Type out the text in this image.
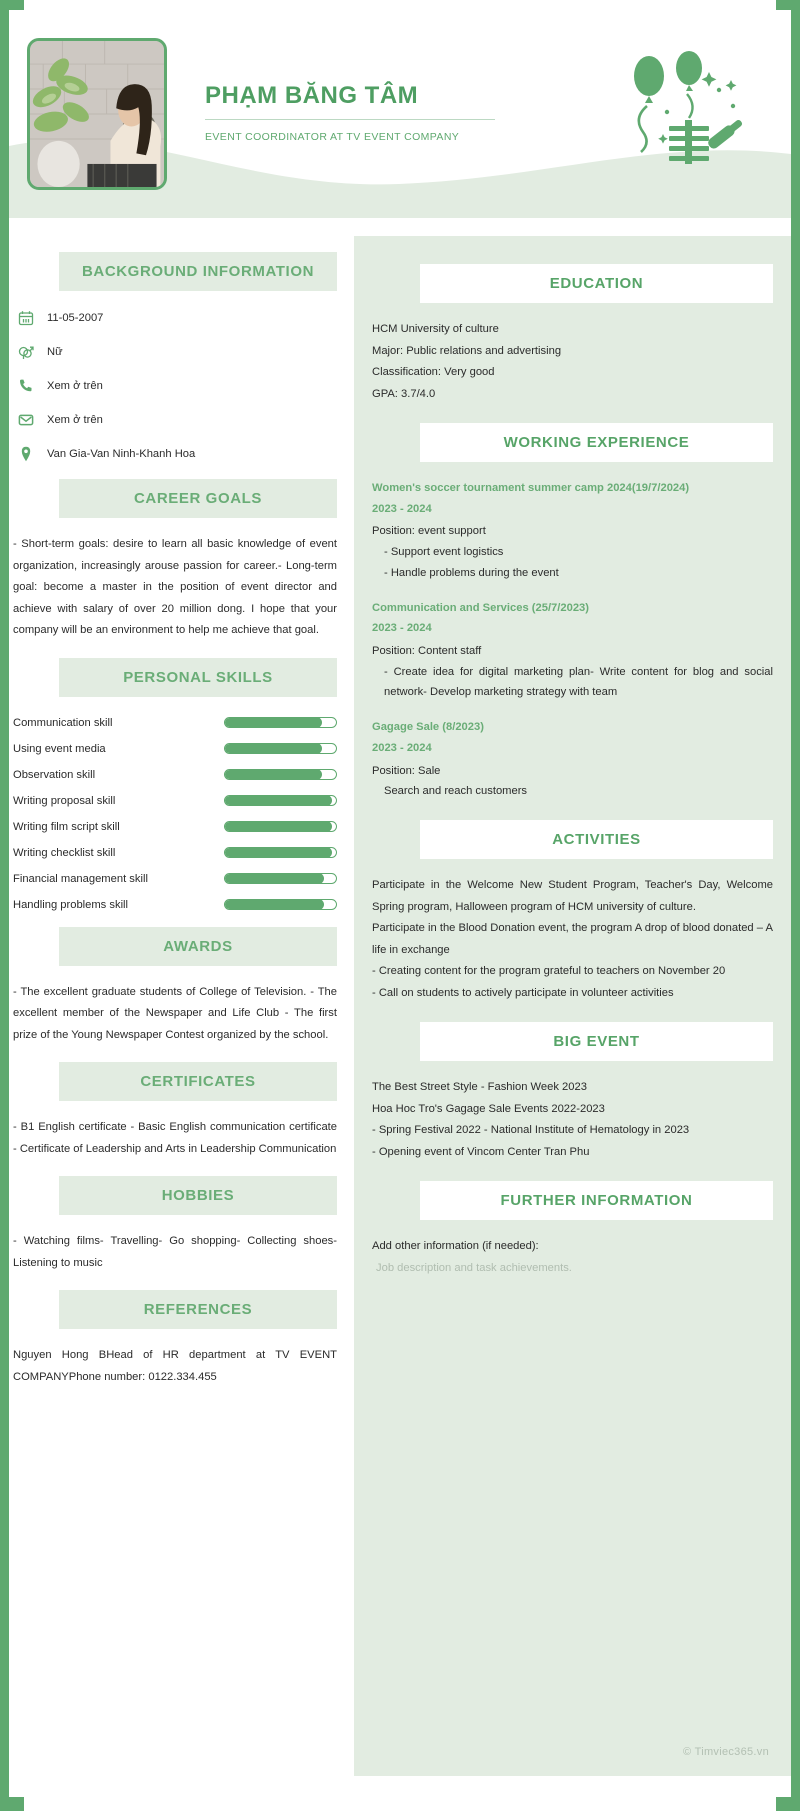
PHẠM BĂNG TÂM
EVENT COORDINATOR AT TV EVENT COMPANY
BACKGROUND INFORMATION
11-05-2007
Nữ
Xem ở trên
Xem ở trên
Van Gia-Van Ninh-Khanh Hoa
CAREER GOALS
- Short-term goals: desire to learn all basic knowledge of event organization, increasingly arouse passion for career.- Long-term goal: become a master in the position of event director and achieve with salary of over 20 million dong. I hope that your company will be an environment to help me achieve that goal.
PERSONAL SKILLS
Communication skill
Using event media
Observation skill
Writing proposal skill
Writing film script skill
Writing checklist skill
Financial management skill
Handling problems skill
AWARDS
- The excellent graduate students of College of Television. - The excellent member of the Newspaper and Life Club - The first prize of the Young Newspaper Contest organized by the school.
CERTIFICATES
- B1 English certificate - Basic English communication certificate - Certificate of Leadership and Arts in Leadership Communication
HOBBIES
- Watching films- Travelling- Go shopping- Collecting shoes- Listening to music
REFERENCES
Nguyen Hong BHead of HR department at TV EVENT COMPANYPhone number: 0122.334.455
EDUCATION
HCM University of culture
Major: Public relations and advertising
Classification: Very good
GPA: 3.7/4.0
WORKING EXPERIENCE
Women's soccer tournament summer camp 2024(19/7/2024)
2023 - 2024
Position: event support
- Support event logistics
- Handle problems during the event
Communication and Services (25/7/2023)
2023 - 2024
Position: Content staff
- Create idea for digital marketing plan- Write content for blog and social network- Develop marketing strategy with team
Gagage Sale (8/2023)
2023 - 2024
Position: Sale
Search and reach customers
ACTIVITIES
Participate in the Welcome New Student Program, Teacher's Day, Welcome Spring program, Halloween program of HCM university of culture.
Participate in the Blood Donation event, the program A drop of blood donated – A life in exchange
- Creating content for the program grateful to teachers on November 20
- Call on students to actively participate in volunteer activities
BIG EVENT
The Best Street Style - Fashion Week 2023
Hoa Hoc Tro's Gagage Sale Events 2022-2023
- Spring Festival 2022 - National Institute of Hematology in 2023
- Opening event of Vincom Center Tran Phu
FURTHER INFORMATION
Add other information (if needed):
Job description and task achievements.
© Timviec365.vn
